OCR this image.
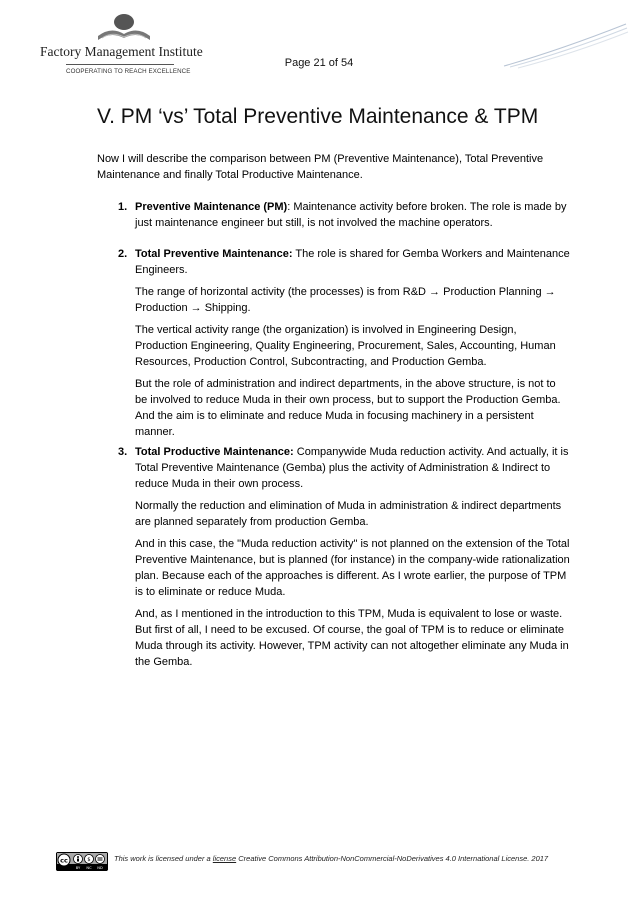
Factory Management Institute
COOPERATING TO REACH EXCELLENCE
Page 21 of 54
V. PM ‘vs’ Total Preventive Maintenance & TPM

Now I will describe the comparison between PM (Preventive Maintenance), Total Preventive Maintenance and finally Total Productive Maintenance.

1. Preventive Maintenance (PM): Maintenance activity before broken. The role is made by just maintenance engineer but still, is not involved the machine operators.

2. Total Preventive Maintenance: The role is shared for Gemba Workers and Maintenance Engineers.

The range of horizontal activity (the processes) is from R&D → Production Planning → Production → Shipping.

The vertical activity range (the organization) is involved in Engineering Design, Production Engineering, Quality Engineering, Procurement, Sales, Accounting, Human Resources, Production Control, Subcontracting, and Production Gemba.

But the role of administration and indirect departments, in the above structure, is not to be involved to reduce Muda in their own process, but to support the Production Gemba. And the aim is to eliminate and reduce Muda in focusing machinery in a persistent manner.

3. Total Productive Maintenance: Companywide Muda reduction activity. And actually, it is Total Preventive Maintenance (Gemba) plus the activity of Administration & Indirect to reduce Muda in their own process.

Normally the reduction and elimination of Muda in administration & indirect departments are planned separately from production Gemba.

And in this case, the "Muda reduction activity" is not planned on the extension of the Total Preventive Maintenance, but is planned (for instance) in the company-wide rationalization plan. Because each of the approaches is different. As I wrote earlier, the purpose of TPM is to eliminate or reduce Muda.

And, as I mentioned in the introduction to this TPM, Muda is equivalent to lose or waste. But first of all, I need to be excused. Of course, the goal of TPM is to reduce or eliminate Muda through its activity. However, TPM activity can not altogether eliminate any Muda in the Gemba.

cc	$
BY NC ND
This work is licensed under a license Creative Commons Attribution-NonCommercial-NoDerivatives 4.0 International License. 2017
